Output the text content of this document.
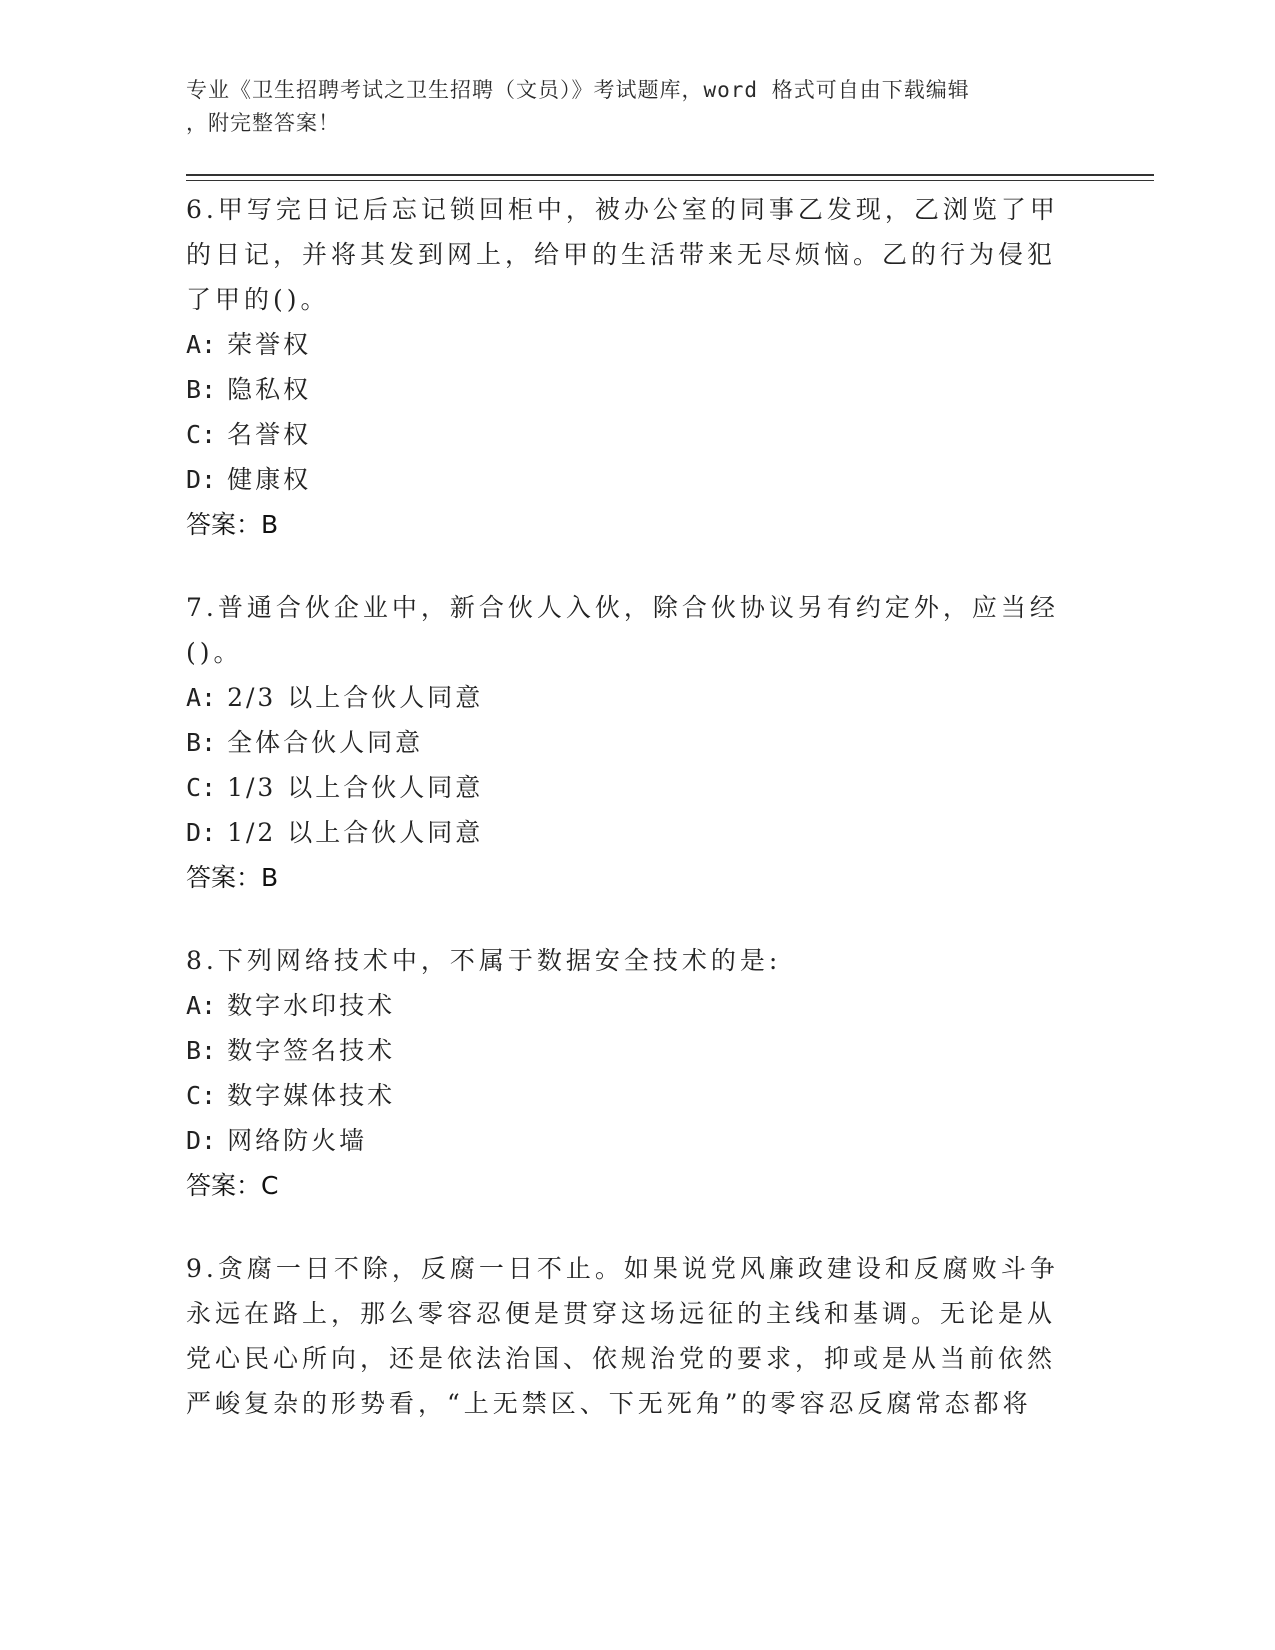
专业《卫生招聘考试之卫生招聘（文员）》考试题库，word 格式可自由下载编辑
，附完整答案！

6.甲写完日记后忘记锁回柜中，被办公室的同事乙发现，乙浏览了甲的日记，并将其发到网上，给甲的生活带来无尽烦恼。乙的行为侵犯了甲的()。

A: 荣誉权

B: 隐私权

C: 名誉权

D: 健康权

答案：B

7.普通合伙企业中，新合伙人入伙，除合伙协议另有约定外，应当经()。

A: 2/3 以上合伙人同意

B: 全体合伙人同意

C: 1/3 以上合伙人同意

D: 1/2 以上合伙人同意

答案：B

8.下列网络技术中，不属于数据安全技术的是:

A: 数字水印技术

B: 数字签名技术

C: 数字媒体技术

D: 网络防火墙

答案：C

9.贪腐一日不除，反腐一日不止。如果说党风廉政建设和反腐败斗争永远在路上，那么零容忍便是贯穿这场远征的主线和基调。无论是从党心民心所向，还是依法治国、依规治党的要求，抑或是从当前依然严峻复杂的形势看，“上无禁区、下无死角”的零容忍反腐常态都将
